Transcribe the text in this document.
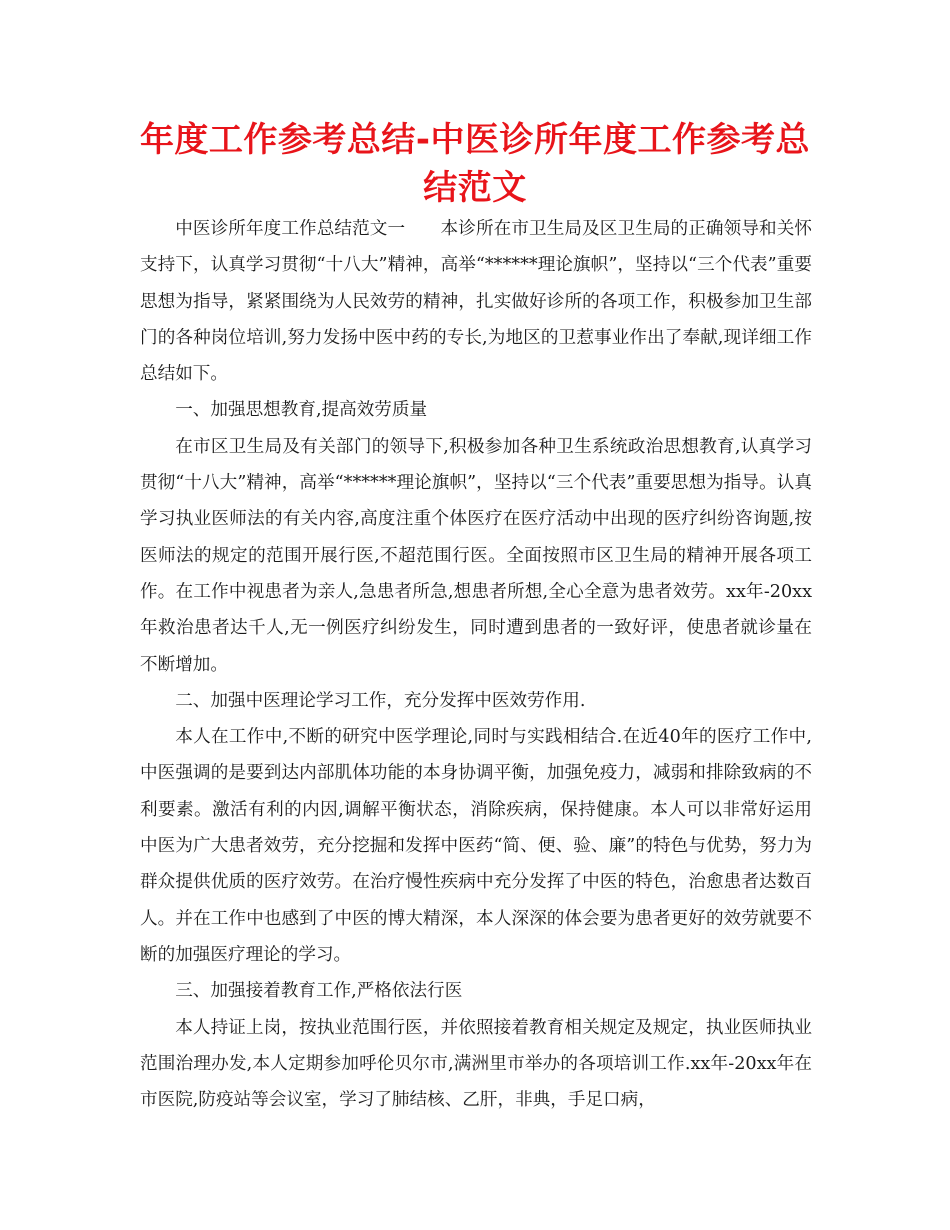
年度工作参考总结-中医诊所年度工作参考总结范文

中医诊所年度工作总结范文一　　本诊所在市卫生局及区卫生局的正确领导和关怀支持下，认真学习贯彻“十八大”精神，高举“******理论旗帜”，坚持以“三个代表”重要思想为指导，紧紧围绕为人民效劳的精神，扎实做好诊所的各项工作，积极参加卫生部门的各种岗位培训,努力发扬中医中药的专长,为地区的卫惹事业作出了奉献,现详细工作总结如下。

一、加强思想教育,提高效劳质量

在市区卫生局及有关部门的领导下,积极参加各种卫生系统政治思想教育,认真学习贯彻“十八大”精神，高举“******理论旗帜”，坚持以“三个代表”重要思想为指导。认真学习执业医师法的有关内容,高度注重个体医疗在医疗活动中出现的医疗纠纷咨询题,按医师法的规定的范围开展行医,不超范围行医。全面按照市区卫生局的精神开展各项工作。在工作中视患者为亲人,急患者所急,想患者所想,全心全意为患者效劳。xx年-20xx年救治患者达千人,无一例医疗纠纷发生，同时遭到患者的一致好评，使患者就诊量在不断增加。

二、加强中医理论学习工作，充分发挥中医效劳作用.

本人在工作中,不断的研究中医学理论,同时与实践相结合.在近40年的医疗工作中,中医强调的是要到达内部肌体功能的本身协调平衡，加强免疫力，减弱和排除致病的不利要素。激活有利的内因,调解平衡状态，消除疾病，保持健康。本人可以非常好运用中医为广大患者效劳，充分挖掘和发挥中医药“简、便、验、廉”的特色与优势，努力为群众提供优质的医疗效劳。在治疗慢性疾病中充分发挥了中医的特色，治愈患者达数百人。并在工作中也感到了中医的博大精深，本人深深的体会要为患者更好的效劳就要不断的加强医疗理论的学习。

三、加强接着教育工作,严格依法行医

本人持证上岗，按执业范围行医，并依照接着教育相关规定及规定，执业医师执业范围治理办发,本人定期参加呼伦贝尔市,满洲里市举办的各项培训工作.xx年-20xx年在市医院,防疫站等会议室，学习了肺结核、乙肝，非典，手足口病，
